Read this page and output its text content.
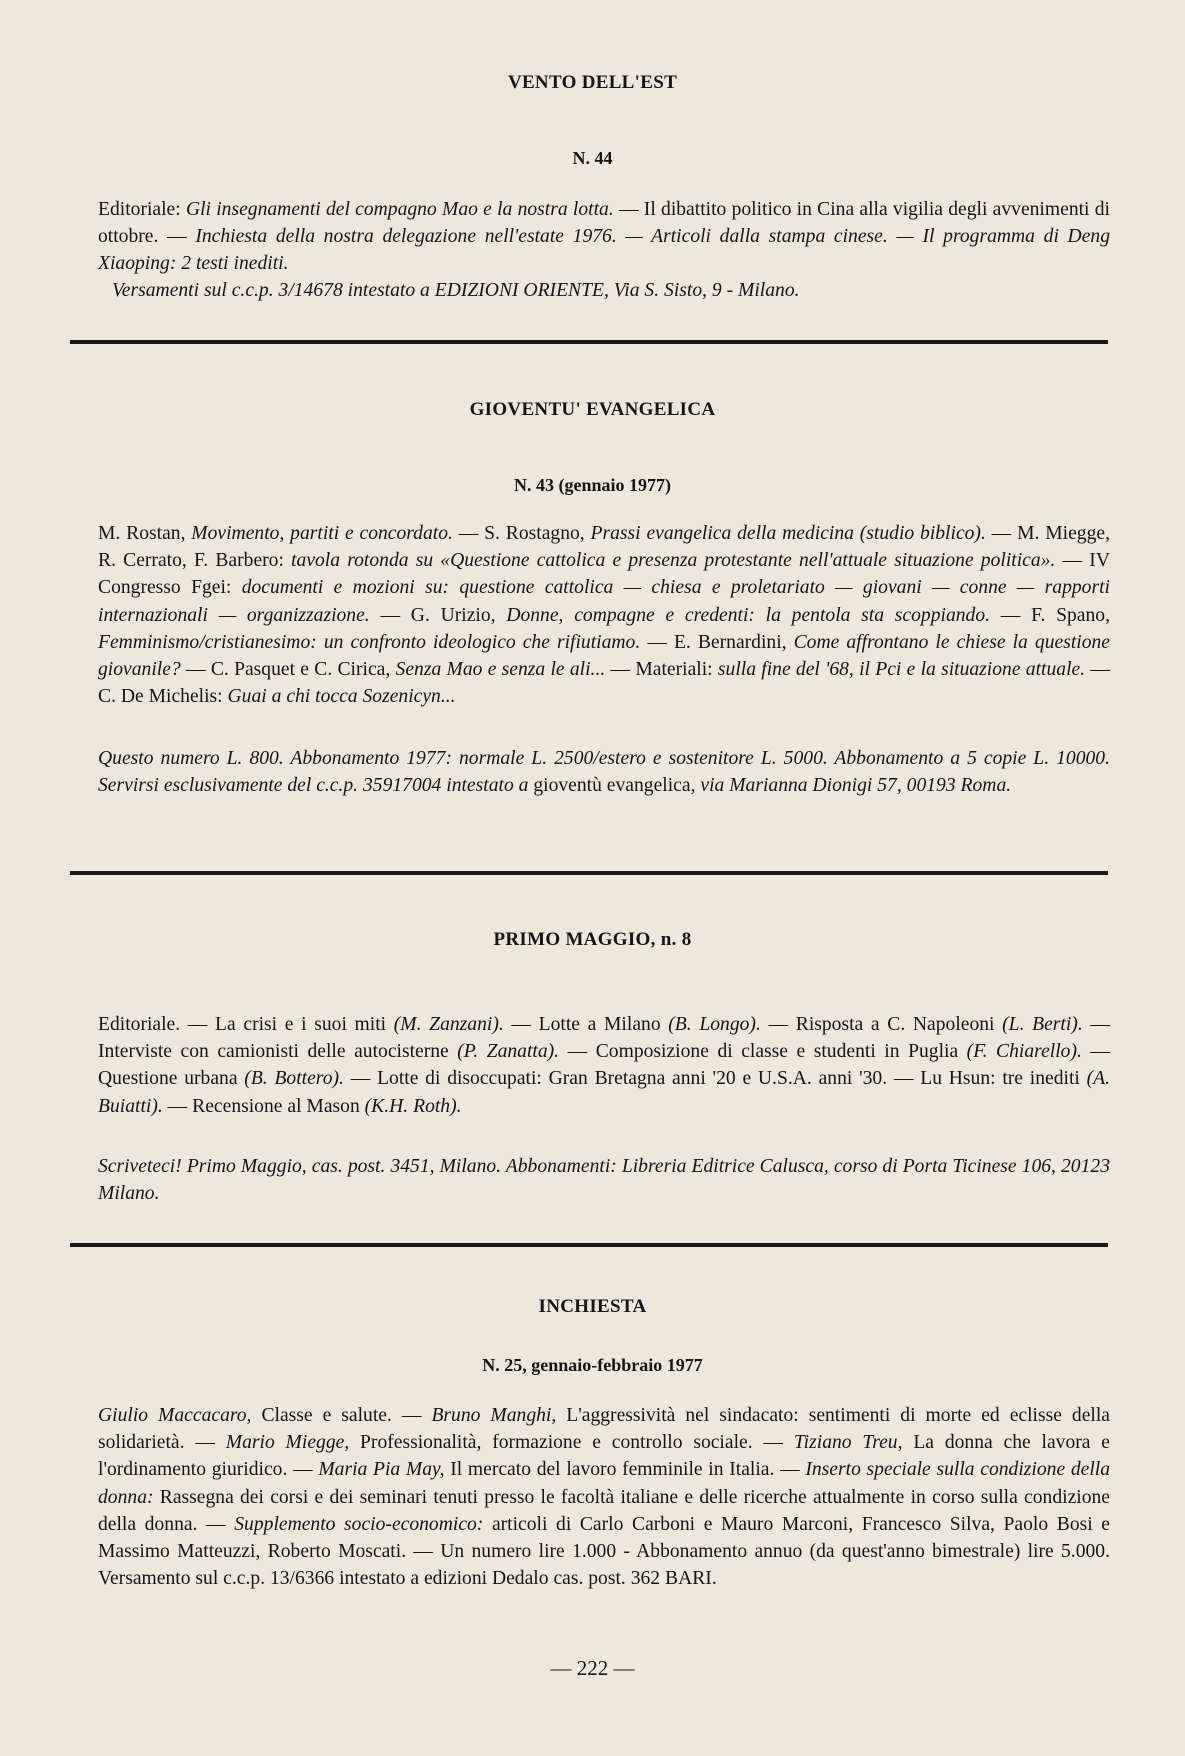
VENTO DELL'EST
N. 44
Editoriale: Gli insegnamenti del compagno Mao e la nostra lotta. — Il dibattito politico in Cina alla vigilia degli avvenimenti di ottobre. — Inchiesta della nostra delegazione nell'estate 1976. — Articoli dalla stampa cinese. — Il programma di Deng Xiaoping: 2 testi inediti.
Versamenti sul c.c.p. 3/14678 intestato a EDIZIONI ORIENTE, Via S. Sisto, 9 - Milano.
GIOVENTU' EVANGELICA
N. 43 (gennaio 1977)
M. Rostan, Movimento, partiti e concordato. — S. Rostagno, Prassi evangelica della medicina (studio biblico). — M. Miegge, R. Cerrato, F. Barbero: tavola rotonda su «Questione cattolica e presenza protestante nell'attuale situazione politica». — IV Congresso Fgei: documenti e mozioni su: questione cattolica — chiesa e proletariato — giovani — conne — rapporti internazionali — organizzazione. — G. Urizio, Donne, compagne e credenti: la pentola sta scoppiando. — F. Spano, Femminismo/cristianesimo: un confronto ideologico che rifiutiamo. — E. Bernardini, Come affrontano le chiese la questione giovanile? — C. Pasquet e C. Cirica, Senza Mao e senza le ali... — Materiali: sulla fine del '68, il Pci e la situazione attuale. — C. De Michelis: Guai a chi tocca Sozenicyn...
Questo numero L. 800. Abbonamento 1977: normale L. 2500/estero e sostenitore L. 5000. Abbonamento a 5 copie L. 10000. Servirsi esclusivamente del c.c.p. 35917004 intestato a gioventù evangelica, via Marianna Dionigi 57, 00193 Roma.
PRIMO MAGGIO, n. 8
Editoriale. — La crisi e i suoi miti (M. Zanzani). — Lotte a Milano (B. Longo). — Risposta a C. Napoleoni (L. Berti). — Interviste con camionisti delle autocisterne (P. Zanatta). — Composizione di classe e studenti in Puglia (F. Chiarello). — Questione urbana (B. Bottero). — Lotte di disoccupati: Gran Bretagna anni '20 e U.S.A. anni '30. — Lu Hsun: tre inediti (A. Buiatti). — Recensione al Mason (K.H. Roth).
Scriveteci! Primo Maggio, cas. post. 3451, Milano. Abbonamenti: Libreria Editrice Calusca, corso di Porta Ticinese 106, 20123 Milano.
INCHIESTA
N. 25, gennaio-febbraio 1977
Giulio Maccacaro, Classe e salute. — Bruno Manghi, L'aggressività nel sindacato: sentimenti di morte ed eclisse della solidarietà. — Mario Miegge, Professionalità, formazione e controllo sociale. — Tiziano Treu, La donna che lavora e l'ordinamento giuridico. — Maria Pia May, Il mercato del lavoro femminile in Italia. — Inserto speciale sulla condizione della donna: Rassegna dei corsi e dei seminari tenuti presso le facoltà italiane e delle ricerche attualmente in corso sulla condizione della donna. — Supplemento socio-economico: articoli di Carlo Carboni e Mauro Marconi, Francesco Silva, Paolo Bosi e Massimo Matteuzzi, Roberto Moscati. — Un numero lire 1.000 - Abbonamento annuo (da quest'anno bimestrale) lire 5.000. Versamento sul c.c.p. 13/6366 intestato a edizioni Dedalo cas. post. 362 BARI.
— 222 —
